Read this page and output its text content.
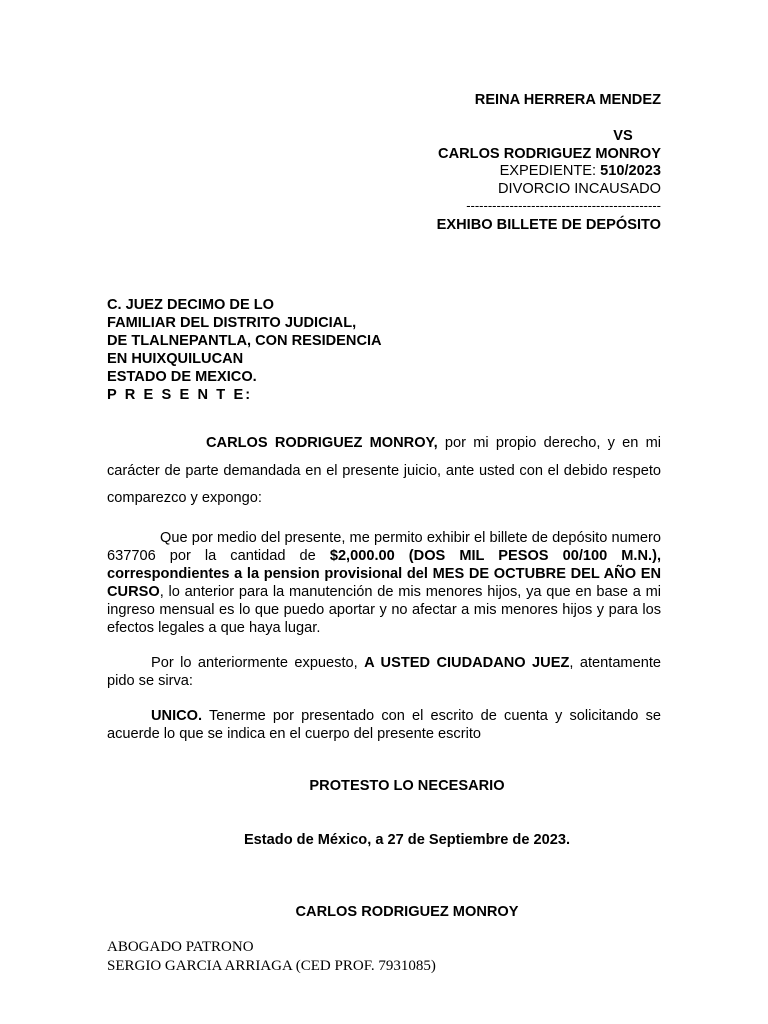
REINA HERRERA MENDEZ
VS
CARLOS RODRIGUEZ MONROY
EXPEDIENTE: 510/2023
DIVORCIO INCAUSADO
---------------------------------------------
EXHIBO BILLETE DE DEPÓSITO
C. JUEZ DECIMO DE LO
FAMILIAR DEL DISTRITO JUDICIAL,
DE TLALNEPANTLA, CON RESIDENCIA
EN HUIXQUILUCAN
ESTADO DE MEXICO.
P R E S E N T E:
CARLOS RODRIGUEZ MONROY, por mi propio derecho, y en mi carácter de parte demandada en el presente juicio, ante usted con el debido respeto comparezco y expongo:
Que por medio del presente, me permito exhibir el billete de depósito numero 637706 por la cantidad de $2,000.00 (DOS MIL PESOS 00/100 M.N.), correspondientes a la pension provisional del MES DE OCTUBRE DEL AÑO EN CURSO, lo anterior para la manutención de mis menores hijos, ya que en base a mi ingreso mensual es lo que puedo aportar y no afectar a mis menores hijos y para los efectos legales a que haya lugar.
Por lo anteriormente expuesto, A USTED CIUDADANO JUEZ, atentamente pido se sirva:
UNICO. Tenerme por presentado con el escrito de cuenta y solicitando se acuerde lo que se indica en el cuerpo del presente escrito
PROTESTO LO NECESARIO
Estado de México, a 27 de Septiembre de 2023.
CARLOS RODRIGUEZ MONROY
ABOGADO PATRONO
SERGIO GARCIA ARRIAGA (CED PROF. 7931085)
